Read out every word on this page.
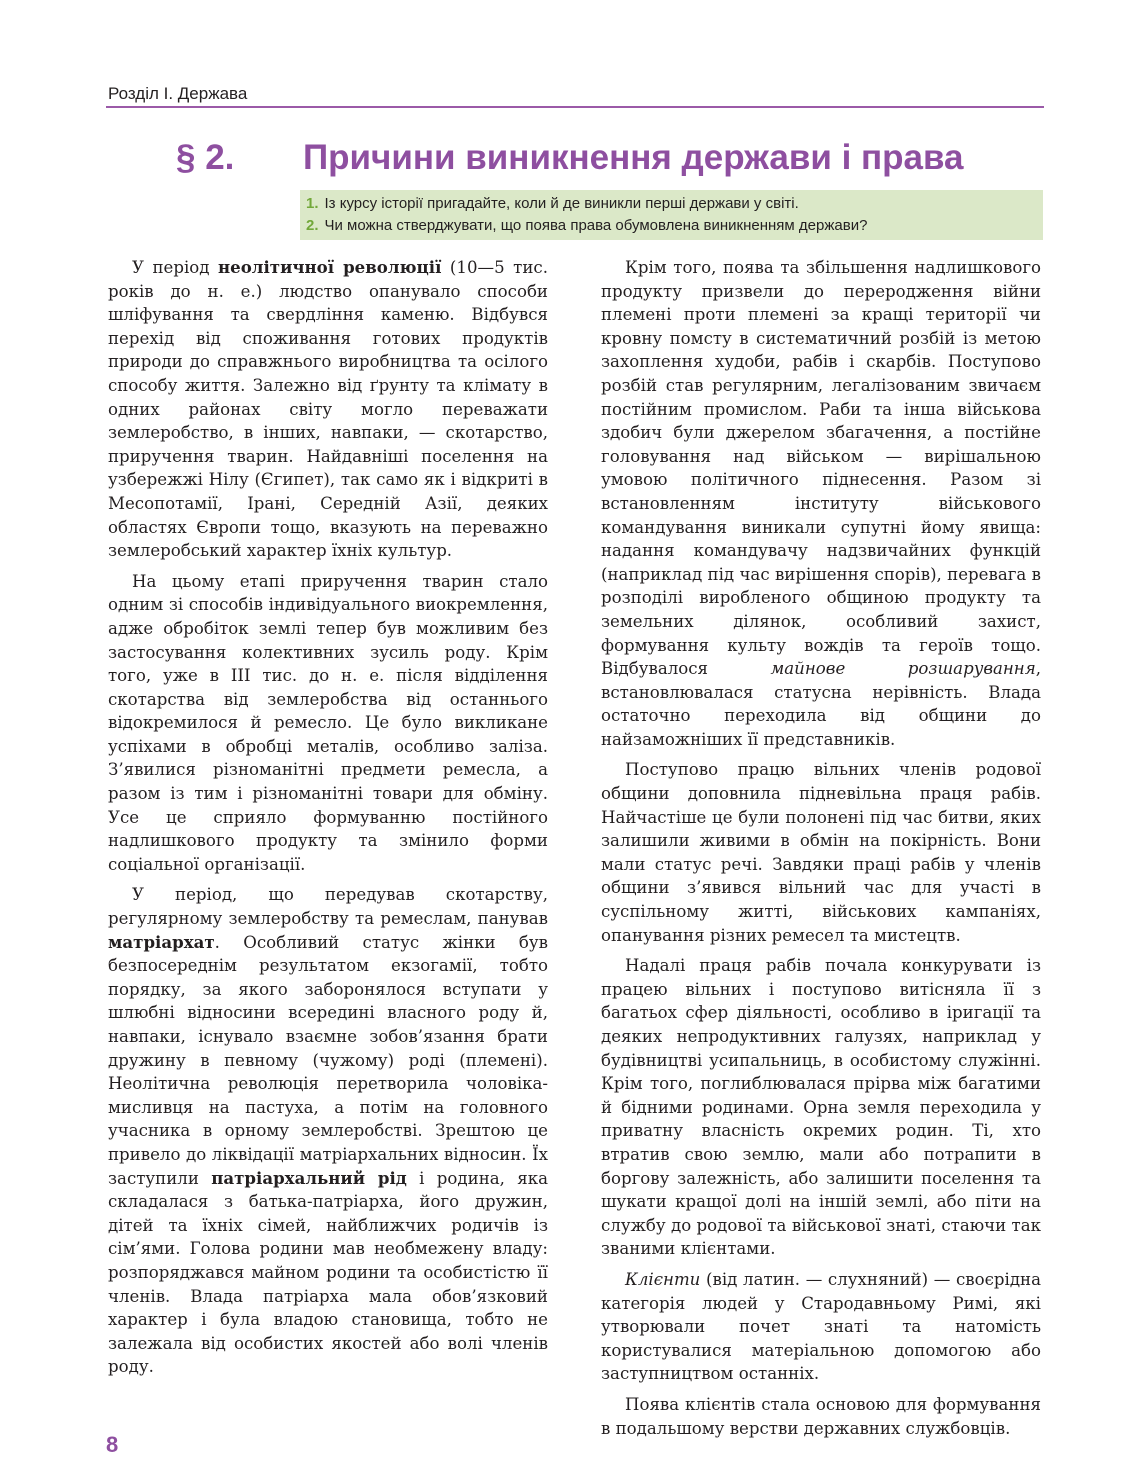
Розділ І. Держава
§ 2. Причини виникнення держави і права
1. Із курсу історії пригадайте, коли й де виникли перші держави у світі.
2. Чи можна стверджувати, що поява права обумовлена виникненням держави?

У період неолітичної революції (10—5 тис. років до н. е.) людство опанувало способи шліфування та свердління каменю. Відбувся перехід від споживання готових продуктів природи до справжнього виробництва та осілого способу життя. Залежно від ґрунту та клімату в одних районах світу могло переважати землеробство, в інших, навпаки, — скотарство, приручення тварин. Найдавніші поселення на узбережжі Нілу (Єгипет), так само як і відкриті в Месопотамії, Ірані, Середній Азії, деяких областях Європи тощо, вказують на переважно землеробський характер їхніх культур.

На цьому етапі приручення тварин стало одним зі способів індивідуального виокремлення, адже обробіток землі тепер був можливим без застосування колективних зусиль роду. Крім того, уже в ІІІ тис. до н. е. після відділення скотарства від землеробства від останнього відокремилося й ремесло. Це було викликане успіхами в обробці металів, особливо заліза. З’явилися різноманітні предмети ремесла, а разом із тим і різноманітні товари для обміну. Усе це сприяло формуванню постійного надлишкового продукту та змінило форми соціальної організації.

У період, що передував скотарству, регулярному землеробству та ремеслам, панував матріархат. Особливий статус жінки був безпосереднім результатом екзогамії, тобто порядку, за якого заборонялося вступати у шлюбні відносини всередині власного роду й, навпаки, існувало взаємне зобов’язання брати дружину в певному (чужому) роді (племені). Неолітична революція перетворила чоловіка-мисливця на пастуха, а потім на головного учасника в орному землеробстві. Зрештою це привело до ліквідації матріархальних відносин. Їх заступили патріархальний рід і родина, яка складалася з батька-патріарха, його дружин, дітей та їхніх сімей, найближчих родичів із сім’ями. Голова родини мав необмежену владу: розпоряджався майном родини та особистістю її членів. Влада патріарха мала обов’язковий характер і була владою становища, тобто не залежала від особистих якостей або волі членів роду.

Крім того, поява та збільшення надлишкового продукту призвели до переродження війни племені проти племені за кращі території чи кровну помсту в систематичний розбій із метою захоплення худоби, рабів і скарбів. Поступово розбій став регулярним, легалізованим звичаєм постійним промислом. Раби та інша військова здобич були джерелом збагачення, а постійне головування над військом — вирішальною умовою політичного піднесення. Разом зі встановленням інституту військового командування виникали супутні йому явища: надання командувачу надзвичайних функцій (наприклад під час вирішення спорів), перевага в розподілі виробленого общиною продукту та земельних ділянок, особливий захист, формування культу вождів та героїв тощо. Відбувалося майнове розшарування, встановлювалася статусна нерівність. Влада остаточно переходила від общини до найзаможніших її представників.

Поступово працю вільних членів родової общини доповнила підневільна праця рабів. Найчастіше це були полонені під час битви, яких залишили живими в обмін на покірність. Вони мали статус речі. Завдяки праці рабів у членів общини з’явився вільний час для участі в суспільному житті, військових кампаніях, опанування різних ремесел та мистецтв.

Надалі праця рабів почала конкурувати із працею вільних і поступово витісняла її з багатьох сфер діяльності, особливо в іригації та деяких непродуктивних галузях, наприклад у будівництві усипальниць, в особистому служінні. Крім того, поглиблювалася прірва між багатими й бідними родинами. Орна земля переходила у приватну власність окремих родин. Ті, хто втратив свою землю, мали або потрапити в боргову залежність, або залишити поселення та шукати кращої долі на іншій землі, або піти на службу до родової та військової знаті, стаючи так званими клієнтами.

Клієнти (від латин. — слухняний) — своєрідна категорія людей у Стародавньому Римі, які утворювали почет знаті та натомість користувалися матеріальною допомогою або заступництвом останніх.

Поява клієнтів стала основою для формування в подальшому верстви державних службовців.

8
